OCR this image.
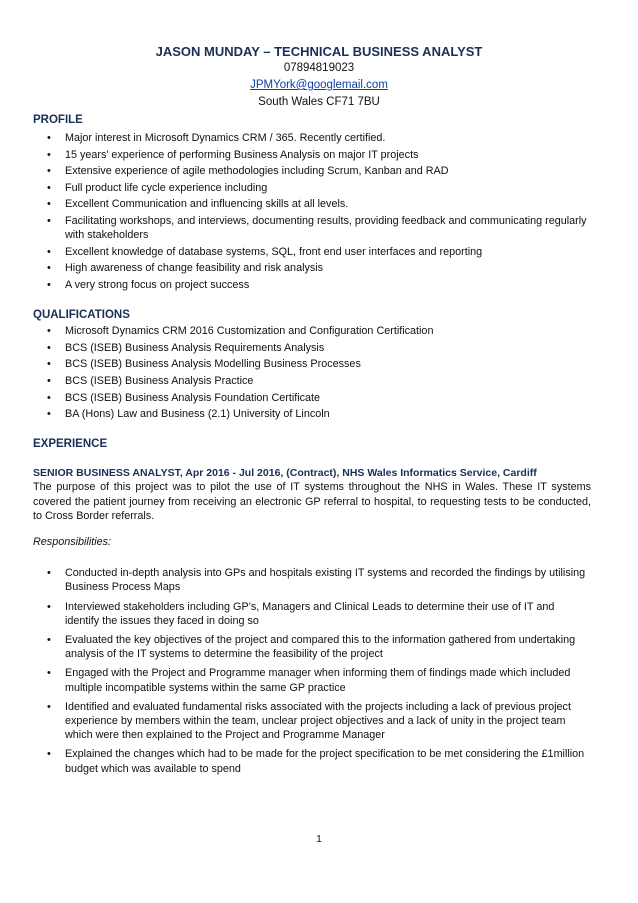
JASON MUNDAY – TECHNICAL BUSINESS ANALYST
07894819023
JPMYork@googlemail.com
South Wales CF71 7BU
PROFILE
• Major interest in Microsoft Dynamics CRM / 365. Recently certified.
• 15 years’ experience of performing Business Analysis on major IT projects
• Extensive experience of agile methodologies including Scrum, Kanban and RAD
• Full product life cycle experience including
• Excellent Communication and influencing skills at all levels.
• Facilitating workshops, and interviews, documenting results, providing feedback and communicating regularly with stakeholders
• Excellent knowledge of database systems, SQL, front end user interfaces and reporting
• High awareness of change feasibility and risk analysis
• A very strong focus on project success
QUALIFICATIONS
• Microsoft Dynamics CRM 2016 Customization and Configuration Certification
• BCS (ISEB) Business Analysis Requirements Analysis
• BCS (ISEB) Business Analysis Modelling Business Processes
• BCS (ISEB) Business Analysis Practice
• BCS (ISEB) Business Analysis Foundation Certificate
• BA (Hons) Law and Business (2.1) University of Lincoln
EXPERIENCE
SENIOR BUSINESS ANALYST, Apr 2016 - Jul 2016, (Contract), NHS Wales Informatics Service, Cardiff
The purpose of this project was to pilot the use of IT systems throughout the NHS in Wales. These IT systems covered the patient journey from receiving an electronic GP referral to hospital, to requesting tests to be conducted, to Cross Border referrals.
Responsibilities:
• Conducted in-depth analysis into GPs and hospitals existing IT systems and recorded the findings by utilising Business Process Maps
• Interviewed stakeholders including GP’s, Managers and Clinical Leads to determine their use of IT and identify the issues they faced in doing so
• Evaluated the key objectives of the project and compared this to the information gathered from undertaking analysis of the IT systems to determine the feasibility of the project
• Engaged with the Project and Programme manager when informing them of findings made which included multiple incompatible systems within the same GP practice
• Identified and evaluated fundamental risks associated with the projects including a lack of previous project experience by members within the team, unclear project objectives and a lack of unity in the project team which were then explained to the Project and Programme Manager
• Explained the changes which had to be made for the project specification to be met considering the £1million budget which was available to spend
1
